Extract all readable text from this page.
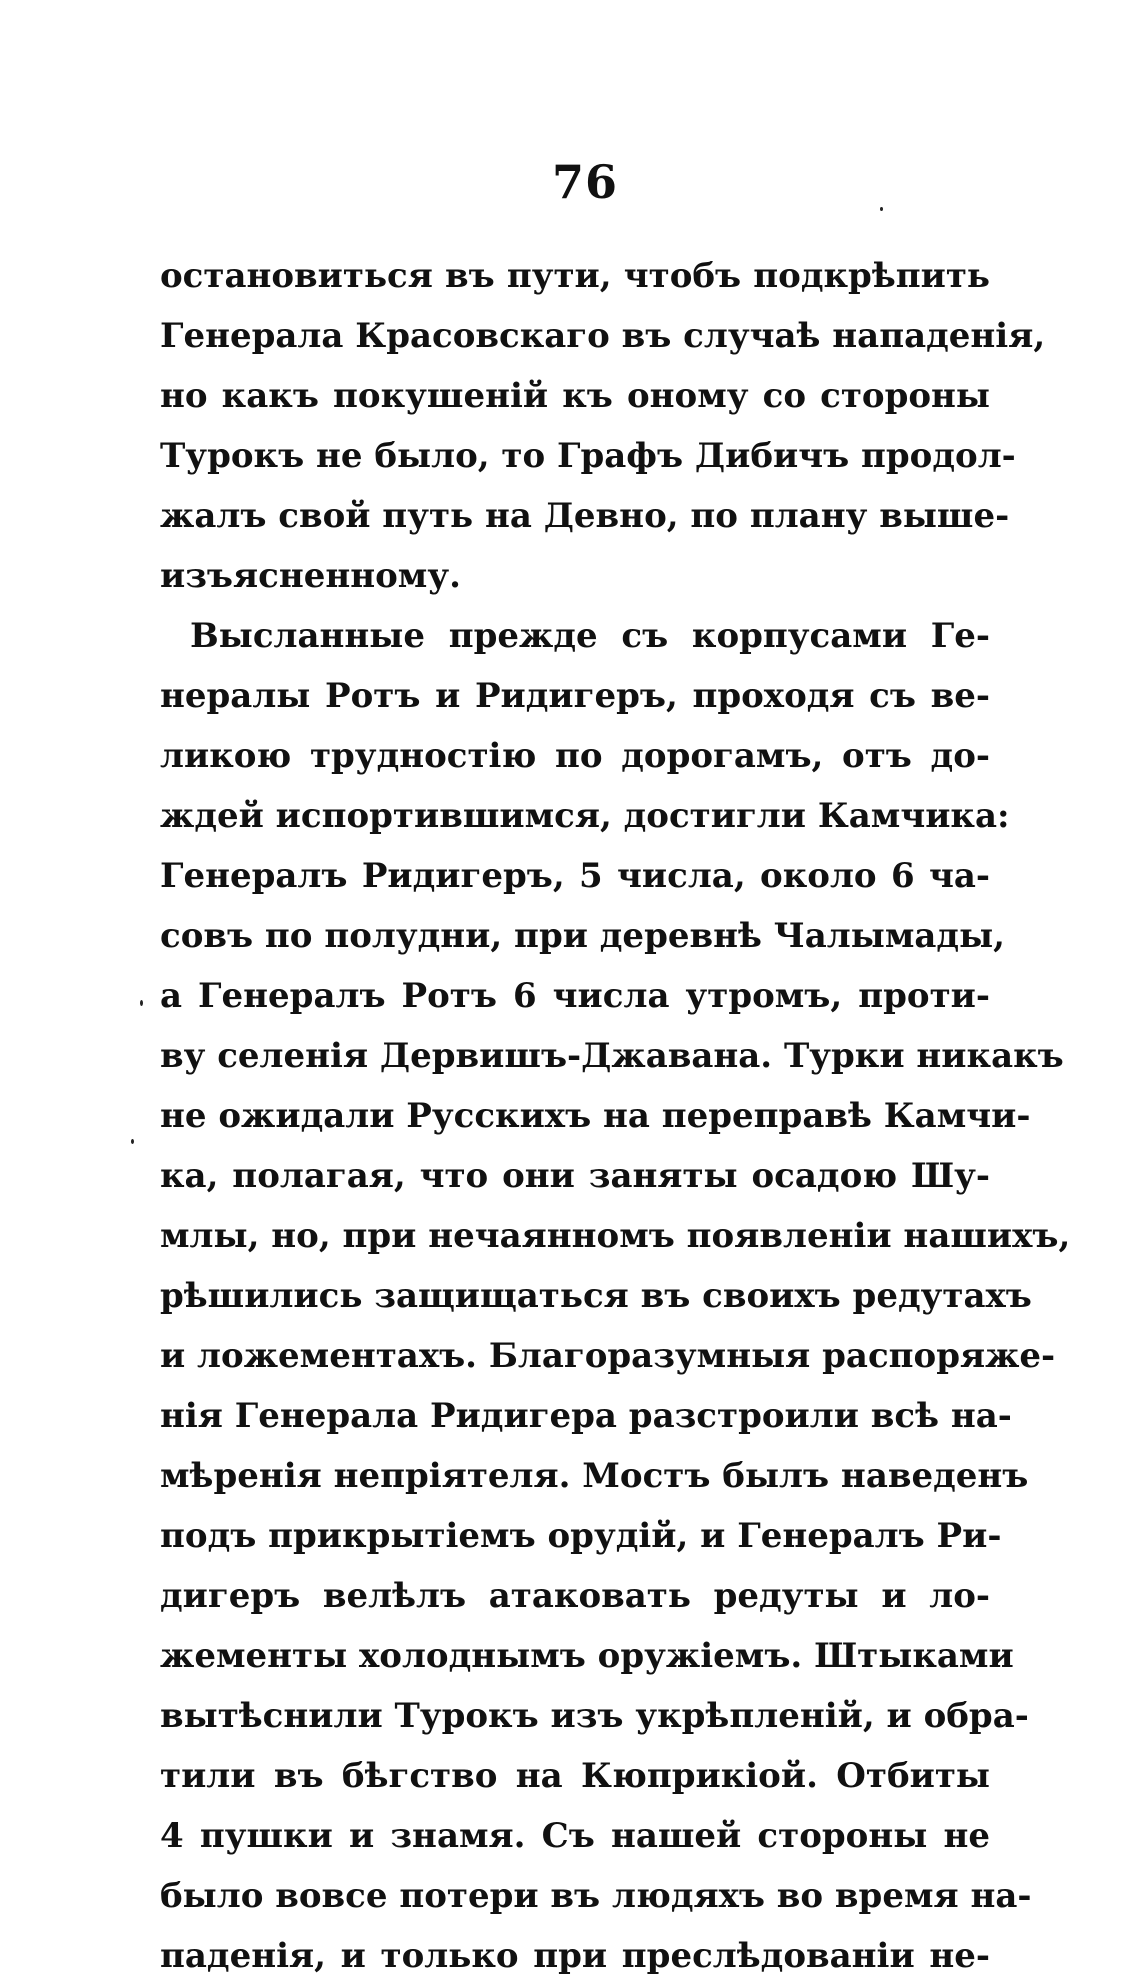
76
остановиться въ пути, чтобъ подкрѣпить
Генерала Красовскаго въ случаѣ нападенія,
но какъ покушеній къ оному со стороны
Турокъ не было, то Графъ Дибичъ продол-
жалъ свой путь на Девно, по плану выше-
изъясненному.
Высланные прежде съ корпусами Ге-
нералы Ротъ и Ридигеръ, проходя съ ве-
ликою трудностію по дорогамъ, отъ до-
ждей испортившимся, достигли Камчика:
Генералъ Ридигеръ, 5 числа, около 6 ча-
совъ по полудни, при деревнѣ Чалымады,
а Генералъ Ротъ 6 числа утромъ, проти-
ву селенія Дервишъ-Джавана. Турки никакъ
не ожидали Русскихъ на переправѣ Камчи-
ка, полагая, что они заняты осадою Шу-
млы, но, при нечаянномъ появленіи нашихъ,
рѣшились защищаться въ своихъ редутахъ
и ложементахъ. Благоразумныя распоряже-
нія Генерала Ридигера разстроили всѣ на-
мѣренія непріятеля. Мостъ былъ наведенъ
подъ прикрытіемъ орудій, и Генералъ Ри-
дигеръ велѣлъ атаковать редуты и ло-
жементы холоднымъ оружіемъ. Штыками
вытѣснили Турокъ изъ укрѣпленій, и обра-
тили въ бѣгство на Кюприкіой. Отбиты
4 пушки и знамя. Съ нашей стороны не
было вовсе потери въ людяхъ во время на-
паденія, и только при преслѣдованіи не-
